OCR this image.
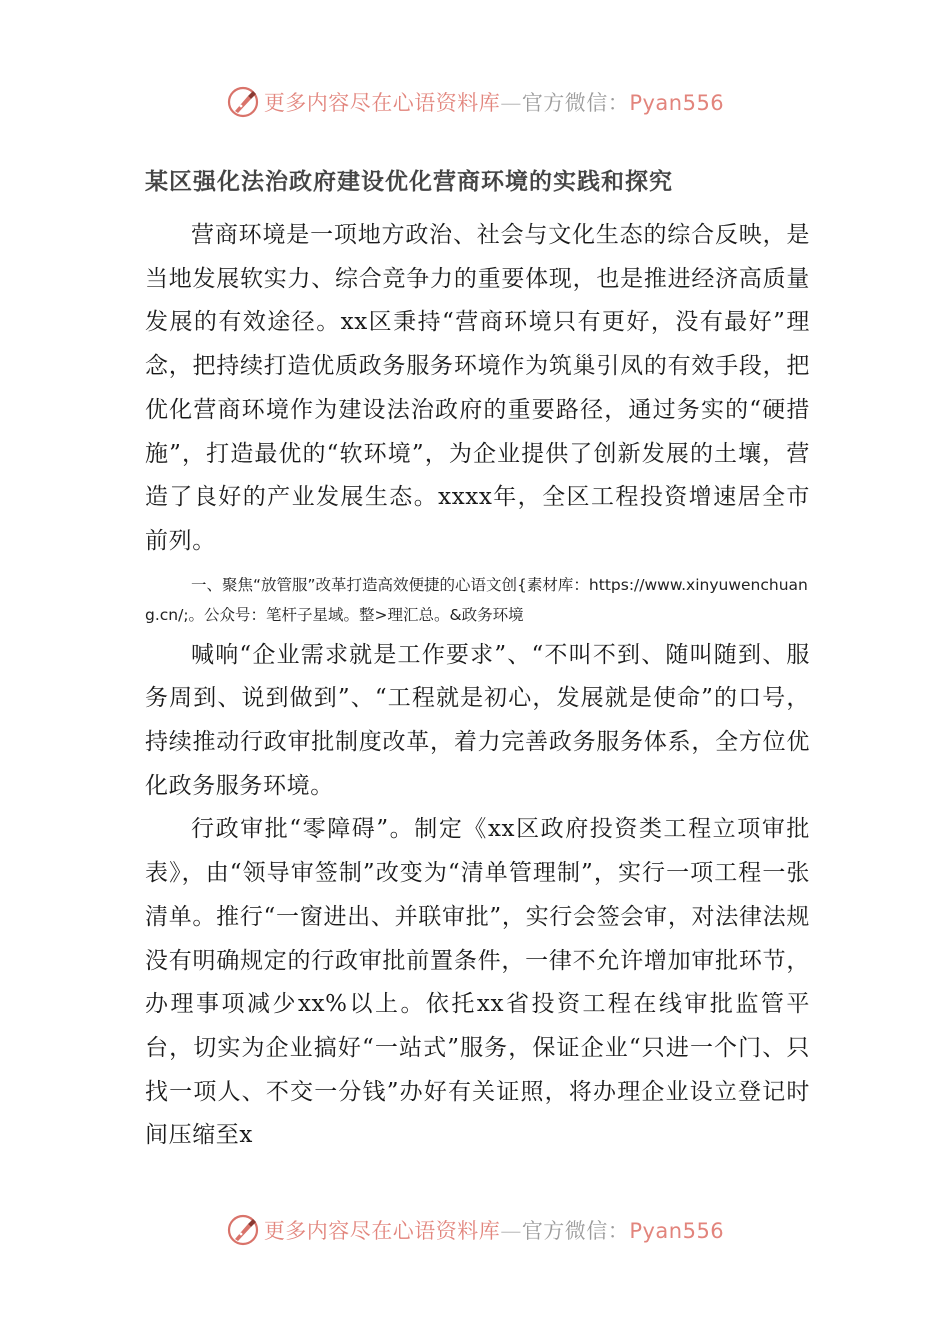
更多内容尽在心语资料库—官方微信：Pyan556
某区强化法治政府建设优化营商环境的实践和探究

营商环境是一项地方政治、社会与文化生态的综合反映，是当地发展软实力、综合竞争力的重要体现，也是推进经济高质量发展的有效途径。xx区秉持“营商环境只有更好，没有最好”理念，把持续打造优质政务服务环境作为筑巢引凤的有效手段，把优化营商环境作为建设法治政府的重要路径，通过务实的“硬措施”，打造最优的“软环境”，为企业提供了创新发展的土壤，营造了良好的产业发展生态。xxxx年，全区工程投资增速居全市前列。

一、聚焦“放管服”改革打造高效便捷的心语文创{素材库：https://www.xinyuwenchuang.cn/;。公众号：笔杆子星域。整>理汇总。&政务环境

喊响“企业需求就是工作要求”、“不叫不到、随叫随到、服务周到、说到做到”、“工程就是初心，发展就是使命”的口号，持续推动行政审批制度改革，着力完善政务服务体系，全方位优化政务服务环境。

行政审批“零障碍”。制定《xx区政府投资类工程立项审批表》，由“领导审签制”改变为“清单管理制”，实行一项工程一张清单。推行“一窗进出、并联审批”，实行会签会审，对法律法规没有明确规定的行政审批前置条件，一律不允许增加审批环节，办理事项减少xx%以上。依托xx省投资工程在线审批监管平台，切实为企业搞好“一站式”服务，保证企业“只进一个门、只找一项人、不交一分钱”办好有关证照，将办理企业设立登记时间压缩至x

更多内容尽在心语资料库—官方微信：Pyan556
